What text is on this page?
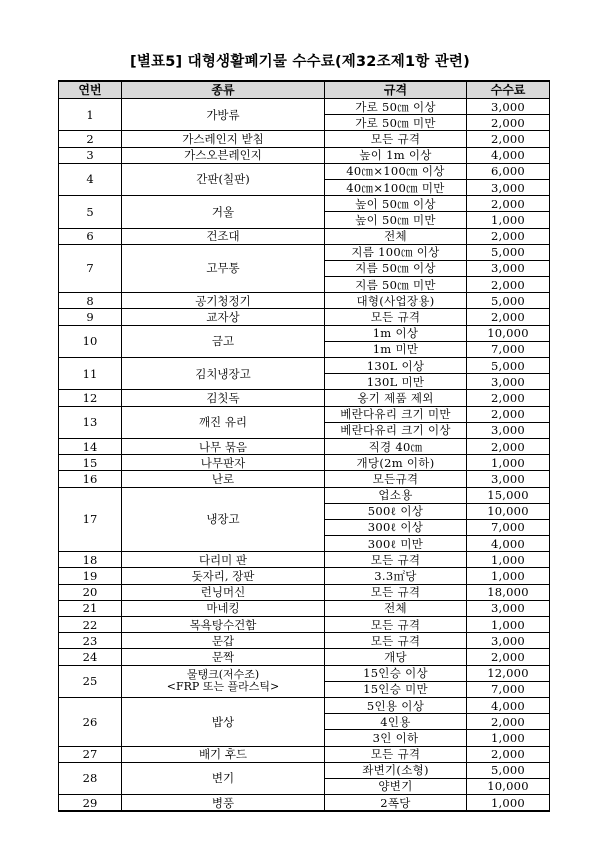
[별표5] 대형생활폐기물 수수료(제32조제1항 관련)
연번	종류	규격	수수료
1	가방류	가로 50㎝ 이상	3,000
		가로 50㎝ 미만	2,000
2	가스레인지 받침	모든 규격	2,000
3	가스오븐레인지	높이 1m 이상	4,000
4	간판(칠판)	40㎝×100㎝ 이상	6,000
		40㎝×100㎝ 미만	3,000
5	거울	높이 50㎝ 이상	2,000
		높이 50㎝ 미만	1,000
6	건조대	전체	2,000
7	고무통	지름 100㎝ 이상	5,000
		지름 50㎝ 이상	3,000
		지름 50㎝ 미만	2,000
8	공기청정기	대형(사업장용)	5,000
9	교자상	모든 규격	2,000
10	금고	1m 이상	10,000
		1m 미만	7,000
11	김치냉장고	130L 이상	5,000
		130L 미만	3,000
12	김칫독	옹기 제품 제외	2,000
13	깨진 유리	베란다유리 크기 미만	2,000
		베란다유리 크기 이상	3,000
14	나무 묶음	직경 40㎝	2,000
15	나무판자	개당(2m 이하)	1,000
16	난로	모든규격	3,000
17	냉장고	업소용	15,000
		500ℓ 이상	10,000
		300ℓ 이상	7,000
		300ℓ 미만	4,000
18	다리미 판	모든 규격	1,000
19	돗자리, 장판	3.3㎡당	1,000
20	런닝머신	모든 규격	18,000
21	마네킹	전체	3,000
22	목욕탕수건함	모든 규격	1,000
23	문갑	모든 규격	3,000
24	문짝	개당	2,000
25	물탱크(저수조)
<FRP 또는 플라스틱>	15인승 이상	12,000
		15인승 미만	7,000
26	밥상	5인용 이상	4,000
		4인용	2,000
		3인 이하	1,000
27	배기 후드	모든 규격	2,000
28	변기	좌변기(소형)	5,000
		양변기	10,000
29	병풍	2폭당	1,000
